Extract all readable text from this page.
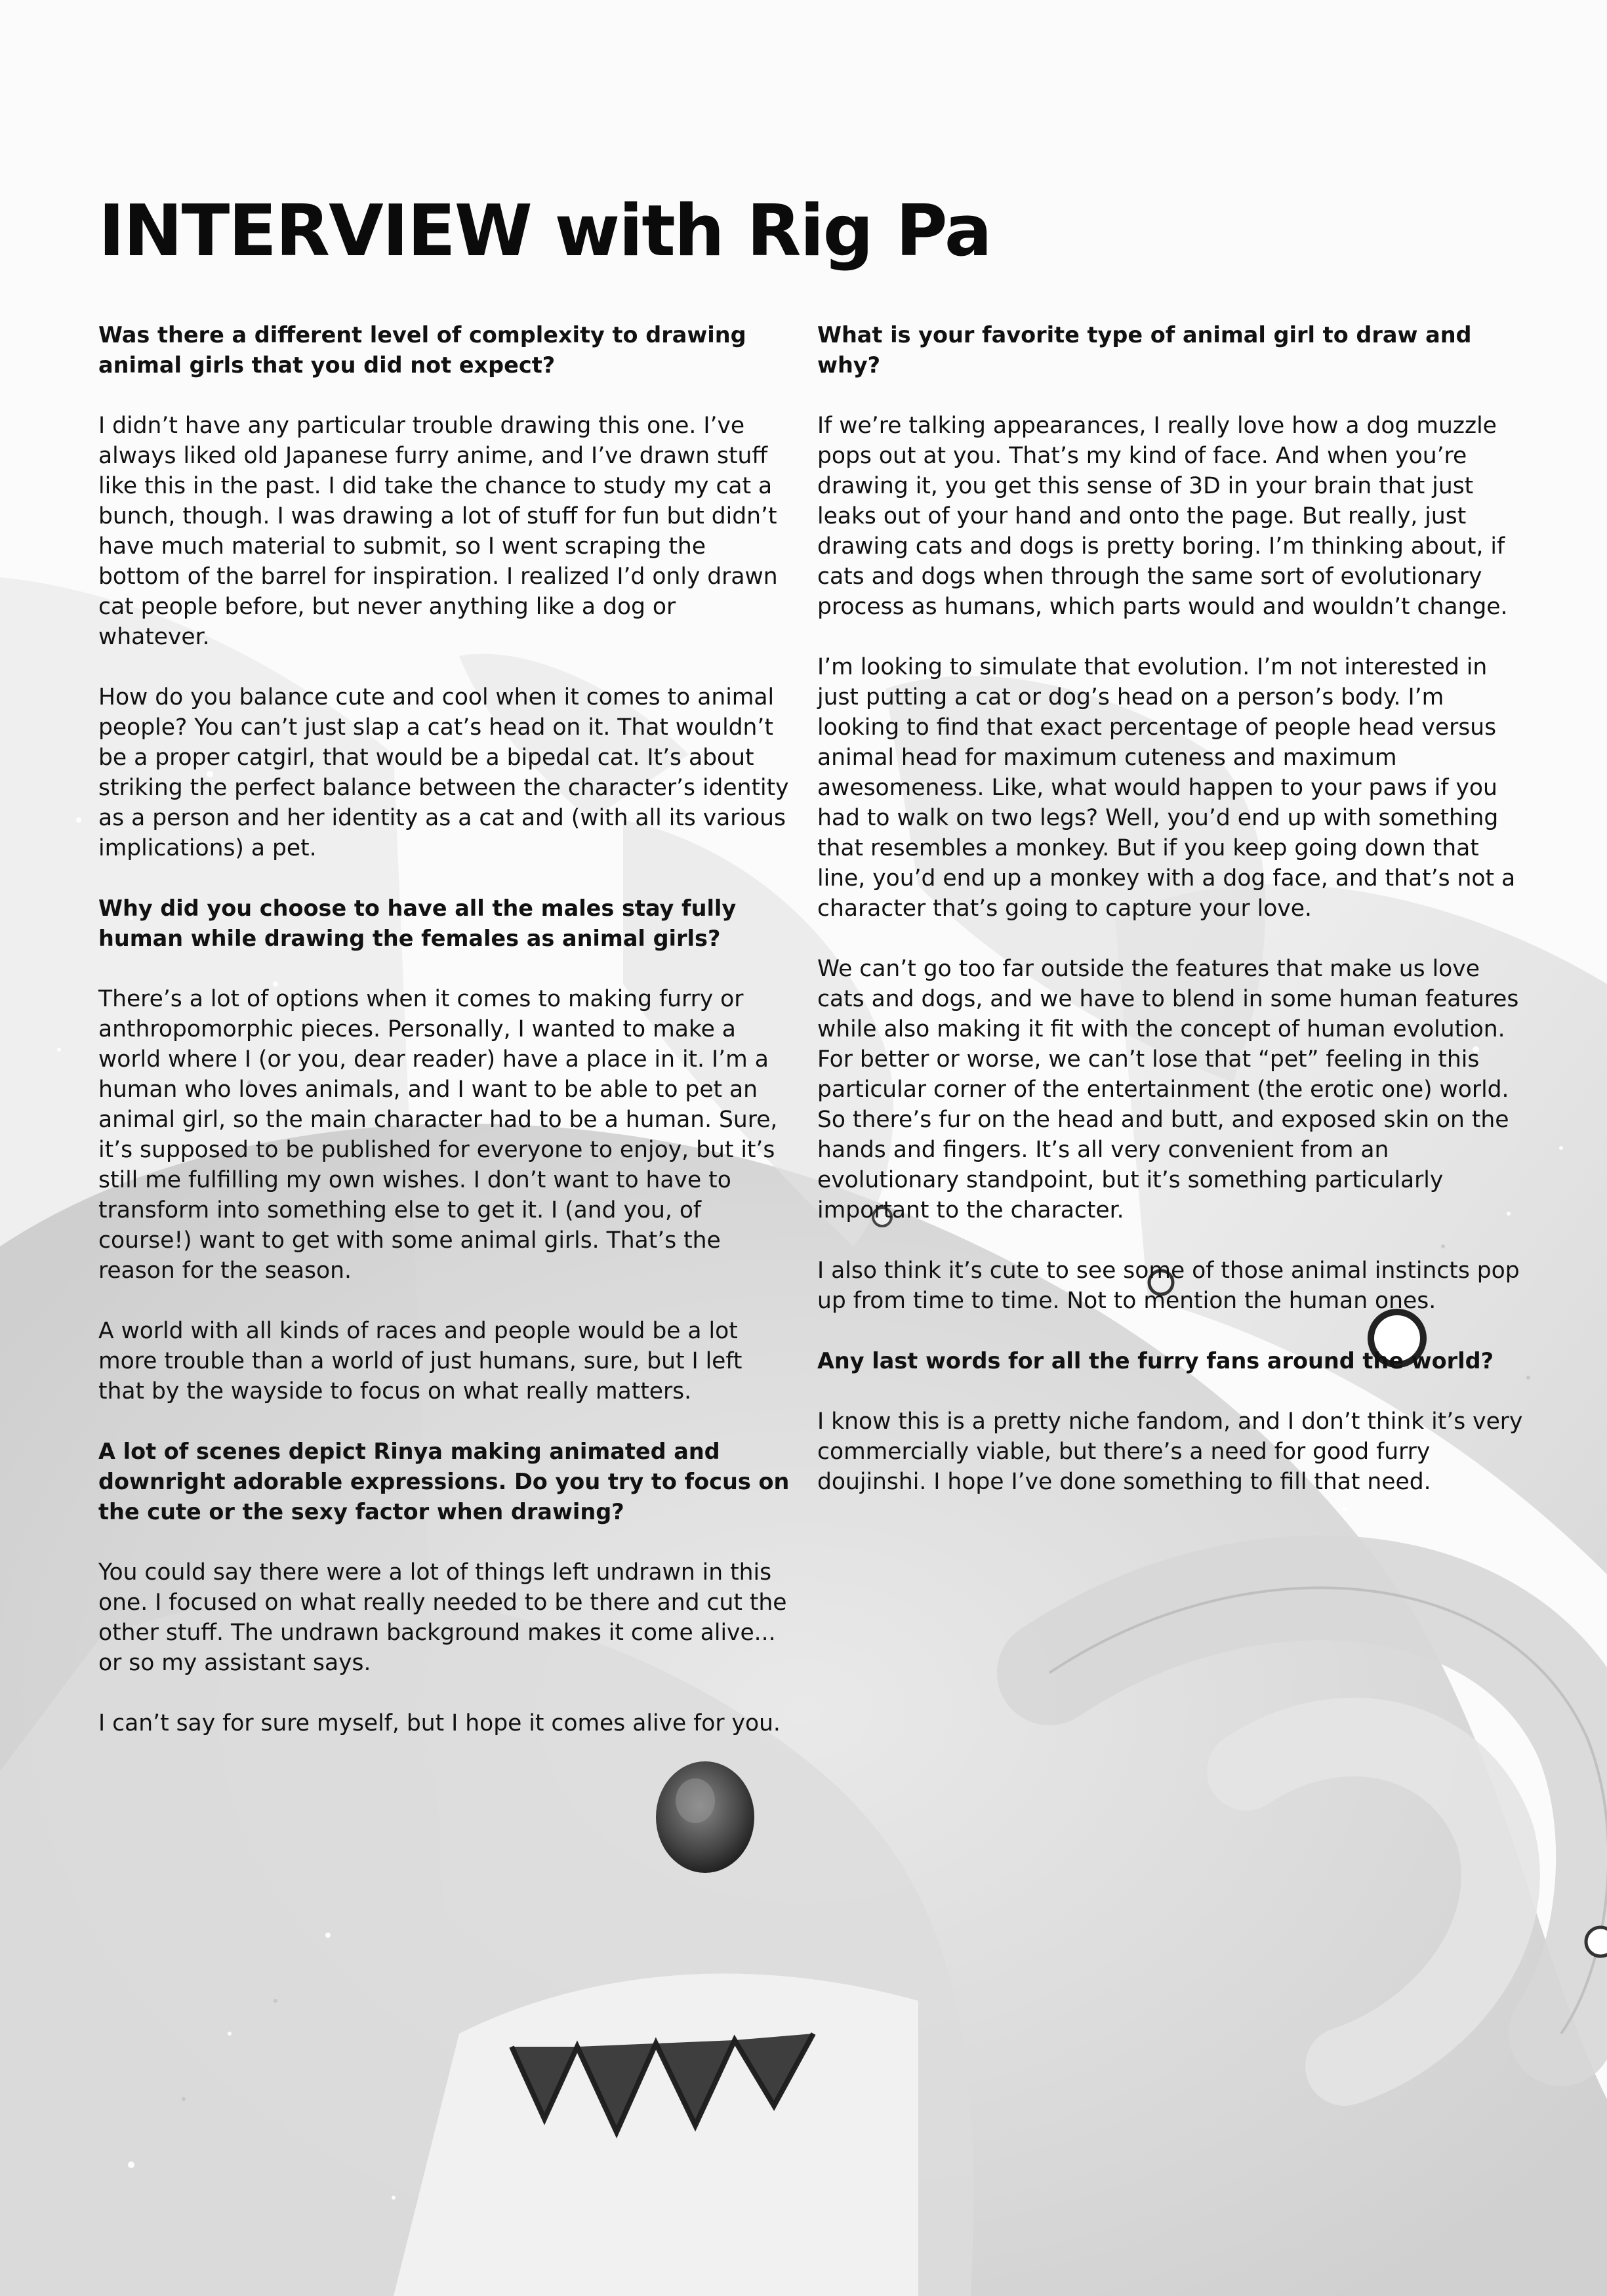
INTERVIEW with Rig Pa

Was there a different level of complexity to drawing animal girls that you did not expect?

I didn’t have any particular trouble drawing this one. I’ve always liked old Japanese furry anime, and I’ve drawn stuff like this in the past. I did take the chance to study my cat a bunch, though. I was drawing a lot of stuff for fun but didn’t have much material to submit, so I went scraping the bottom of the barrel for inspiration. I realized I’d only drawn cat people before, but never anything like a dog or whatever.

How do you balance cute and cool when it comes to animal people? You can’t just slap a cat’s head on it. That wouldn’t be a proper catgirl, that would be a bipedal cat. It’s about striking the perfect balance between the character’s identity as a person and her identity as a cat and (with all its various implications) a pet.

Why did you choose to have all the males stay fully human while drawing the females as animal girls?

There’s a lot of options when it comes to making furry or anthropomorphic pieces. Personally, I wanted to make a world where I (or you, dear reader) have a place in it. I’m a human who loves animals, and I want to be able to pet an animal girl, so the main character had to be a human. Sure, it’s supposed to be published for everyone to enjoy, but it’s still me fulfilling my own wishes. I don’t want to have to transform into something else to get it. I (and you, of course!) want to get with some animal girls. That’s the reason for the season.

A world with all kinds of races and people would be a lot more trouble than a world of just humans, sure, but I left that by the wayside to focus on what really matters.

A lot of scenes depict Rinya making animated and downright adorable expressions. Do you try to focus on the cute or the sexy factor when drawing?

You could say there were a lot of things left undrawn in this one. I focused on what really needed to be there and cut the other stuff. The undrawn background makes it come alive... or so my assistant says.

I can’t say for sure myself, but I hope it comes alive for you.

What is your favorite type of animal girl to draw and why?

If we’re talking appearances, I really love how a dog muzzle pops out at you. That’s my kind of face. And when you’re drawing it, you get this sense of 3D in your brain that just leaks out of your hand and onto the page. But really, just drawing cats and dogs is pretty boring. I’m thinking about, if cats and dogs when through the same sort of evolutionary process as humans, which parts would and wouldn’t change.

I’m looking to simulate that evolution. I’m not interested in just putting a cat or dog’s head on a person’s body. I’m looking to find that exact percentage of people head versus animal head for maximum cuteness and maximum awesomeness. Like, what would happen to your paws if you had to walk on two legs? Well, you’d end up with something that resembles a monkey. But if you keep going down that line, you’d end up a monkey with a dog face, and that’s not a character that’s going to capture your love.

We can’t go too far outside the features that make us love cats and dogs, and we have to blend in some human features while also making it fit with the concept of human evolution. For better or worse, we can’t lose that “pet” feeling in this particular corner of the entertainment (the erotic one) world. So there’s fur on the head and butt, and exposed skin on the hands and fingers. It’s all very convenient from an evolutionary standpoint, but it’s something particularly important to the character.

I also think it’s cute to see some of those animal instincts pop up from time to time. Not to mention the human ones.

Any last words for all the furry fans around the world?

I know this is a pretty niche fandom, and I don’t think it’s very commercially viable, but there’s a need for good furry doujinshi. I hope I’ve done something to fill that need.
